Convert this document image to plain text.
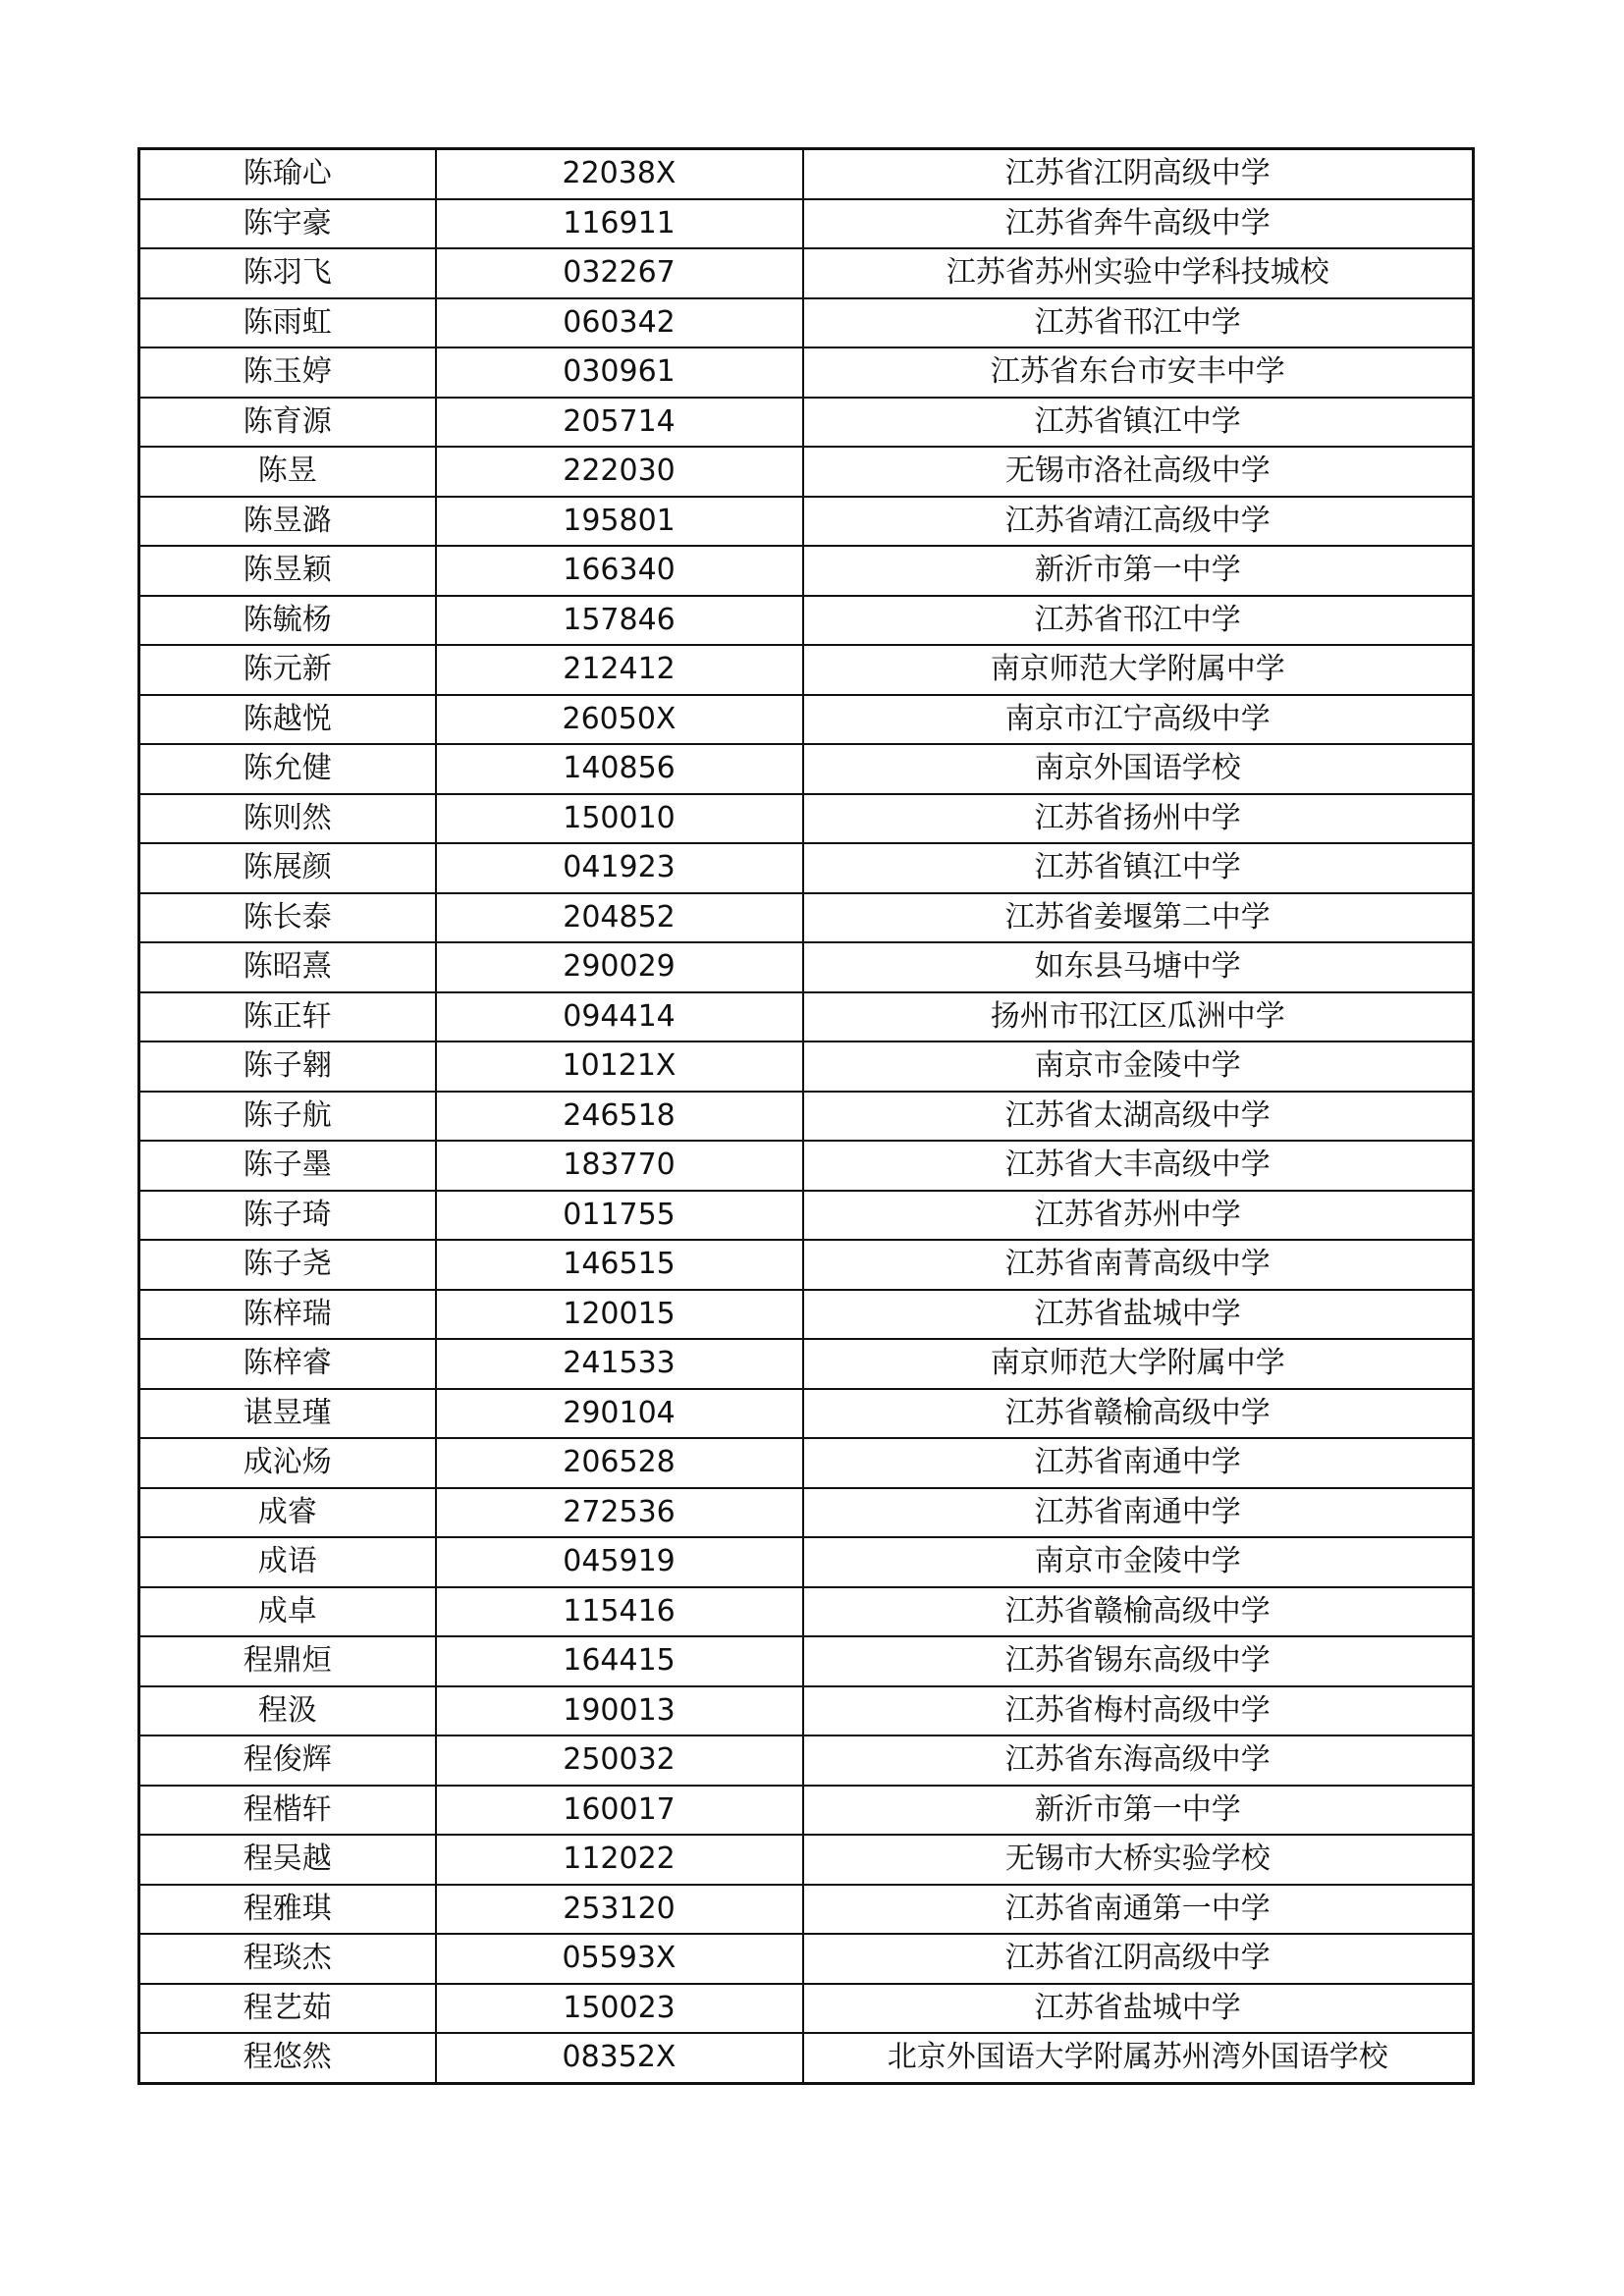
陈瑜心	22038X	江苏省江阴高级中学
陈宇豪	116911	江苏省奔牛高级中学
陈羽飞	032267	江苏省苏州实验中学科技城校
陈雨虹	060342	江苏省邗江中学
陈玉婷	030961	江苏省东台市安丰中学
陈育源	205714	江苏省镇江中学
陈昱	222030	无锡市洛社高级中学
陈昱潞	195801	江苏省靖江高级中学
陈昱颖	166340	新沂市第一中学
陈毓杨	157846	江苏省邗江中学
陈元新	212412	南京师范大学附属中学
陈越悦	26050X	南京市江宁高级中学
陈允健	140856	南京外国语学校
陈则然	150010	江苏省扬州中学
陈展颜	041923	江苏省镇江中学
陈长泰	204852	江苏省姜堰第二中学
陈昭熹	290029	如东县马塘中学
陈正轩	094414	扬州市邗江区瓜洲中学
陈子翱	10121X	南京市金陵中学
陈子航	246518	江苏省太湖高级中学
陈子墨	183770	江苏省大丰高级中学
陈子琦	011755	江苏省苏州中学
陈子尧	146515	江苏省南菁高级中学
陈梓瑞	120015	江苏省盐城中学
陈梓睿	241533	南京师范大学附属中学
谌昱瑾	290104	江苏省赣榆高级中学
成沁炀	206528	江苏省南通中学
成睿	272536	江苏省南通中学
成语	045919	南京市金陵中学
成卓	115416	江苏省赣榆高级中学
程鼎烜	164415	江苏省锡东高级中学
程汲	190013	江苏省梅村高级中学
程俊辉	250032	江苏省东海高级中学
程楷轩	160017	新沂市第一中学
程吴越	112022	无锡市大桥实验学校
程雅琪	253120	江苏省南通第一中学
程琰杰	05593X	江苏省江阴高级中学
程艺茹	150023	江苏省盐城中学
程悠然	08352X	北京外国语大学附属苏州湾外国语学校
